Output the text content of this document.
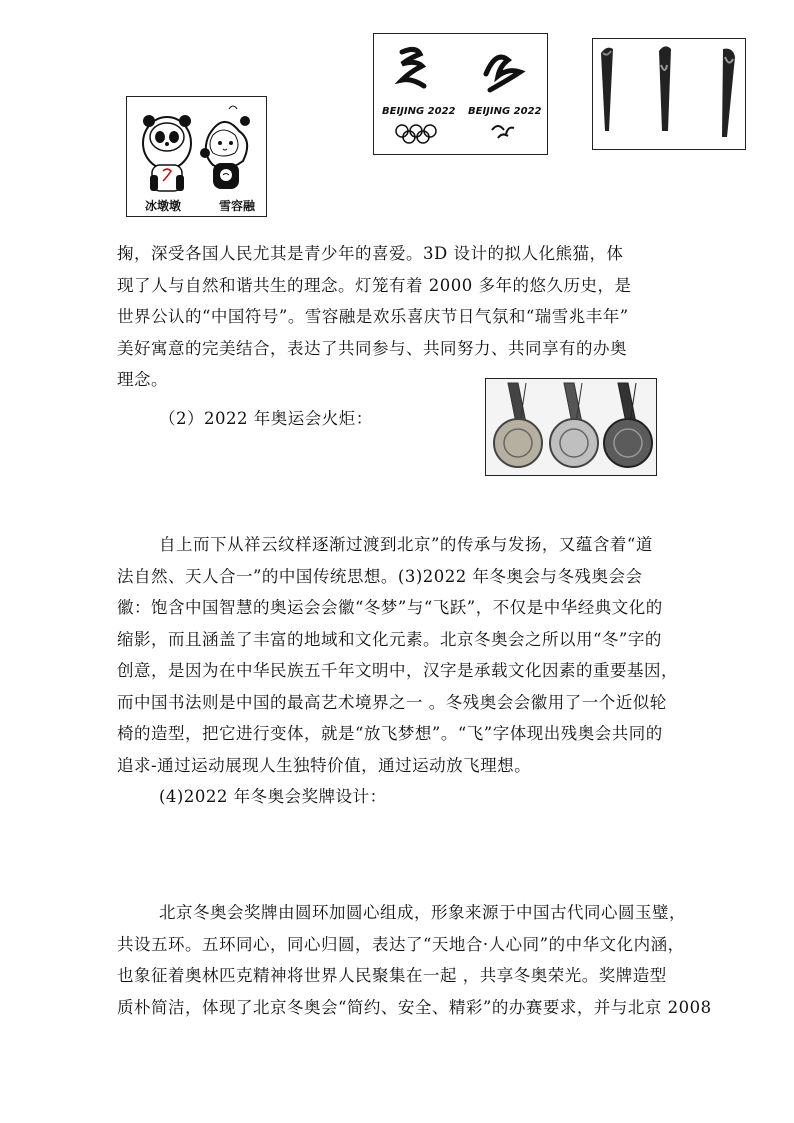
冰墩墩	雪容融
BEIJING 2022 BEIJING 2022
掬，深受各国人民尤其是青少年的喜爱。3D 设计的拟人化熊猫，体
现了人与自然和谐共生的理念。灯笼有着 2000 多年的悠久历史，是
世界公认的“中国符号”。雪容融是欢乐喜庆节日气氛和“瑞雪兆丰年”
美好寓意的完美结合，表达了共同参与、共同努力、共同享有的办奥
理念。
（2）2022 年奥运会火炬：
自上而下从祥云纹样逐渐过渡到北京”的传承与发扬，又蕴含着“道
法自然、天人合一”的中国传统思想。(3)2022 年冬奥会与冬残奥会会
徽：饱含中国智慧的奥运会会徽“冬梦”与“飞跃”，不仅是中华经典文化的
缩影，而且涵盖了丰富的地域和文化元素。北京冬奥会之所以用“冬”字的
创意，是因为在中华民族五千年文明中，汉字是承载文化因素的重要基因，
而中国书法则是中国的最高艺术境界之一 。冬残奥会会徽用了一个近似轮
椅的造型，把它进行变体，就是“放飞梦想”。“飞”字体现出残奥会共同的
追求-通过运动展现人生独特价值，通过运动放飞理想。
(4)2022 年冬奥会奖牌设计：
北京冬奥会奖牌由圆环加圆心组成，形象来源于中国古代同心圆玉璧，
共设五环。五环同心，同心归圆，表达了“天地合·人心同”的中华文化内涵，
也象征着奥林匹克精神将世界人民聚集在一起 ，共享冬奥荣光。奖牌造型
质朴简洁，体现了北京冬奥会“简约、安全、精彩”的办赛要求，并与北京 2008
